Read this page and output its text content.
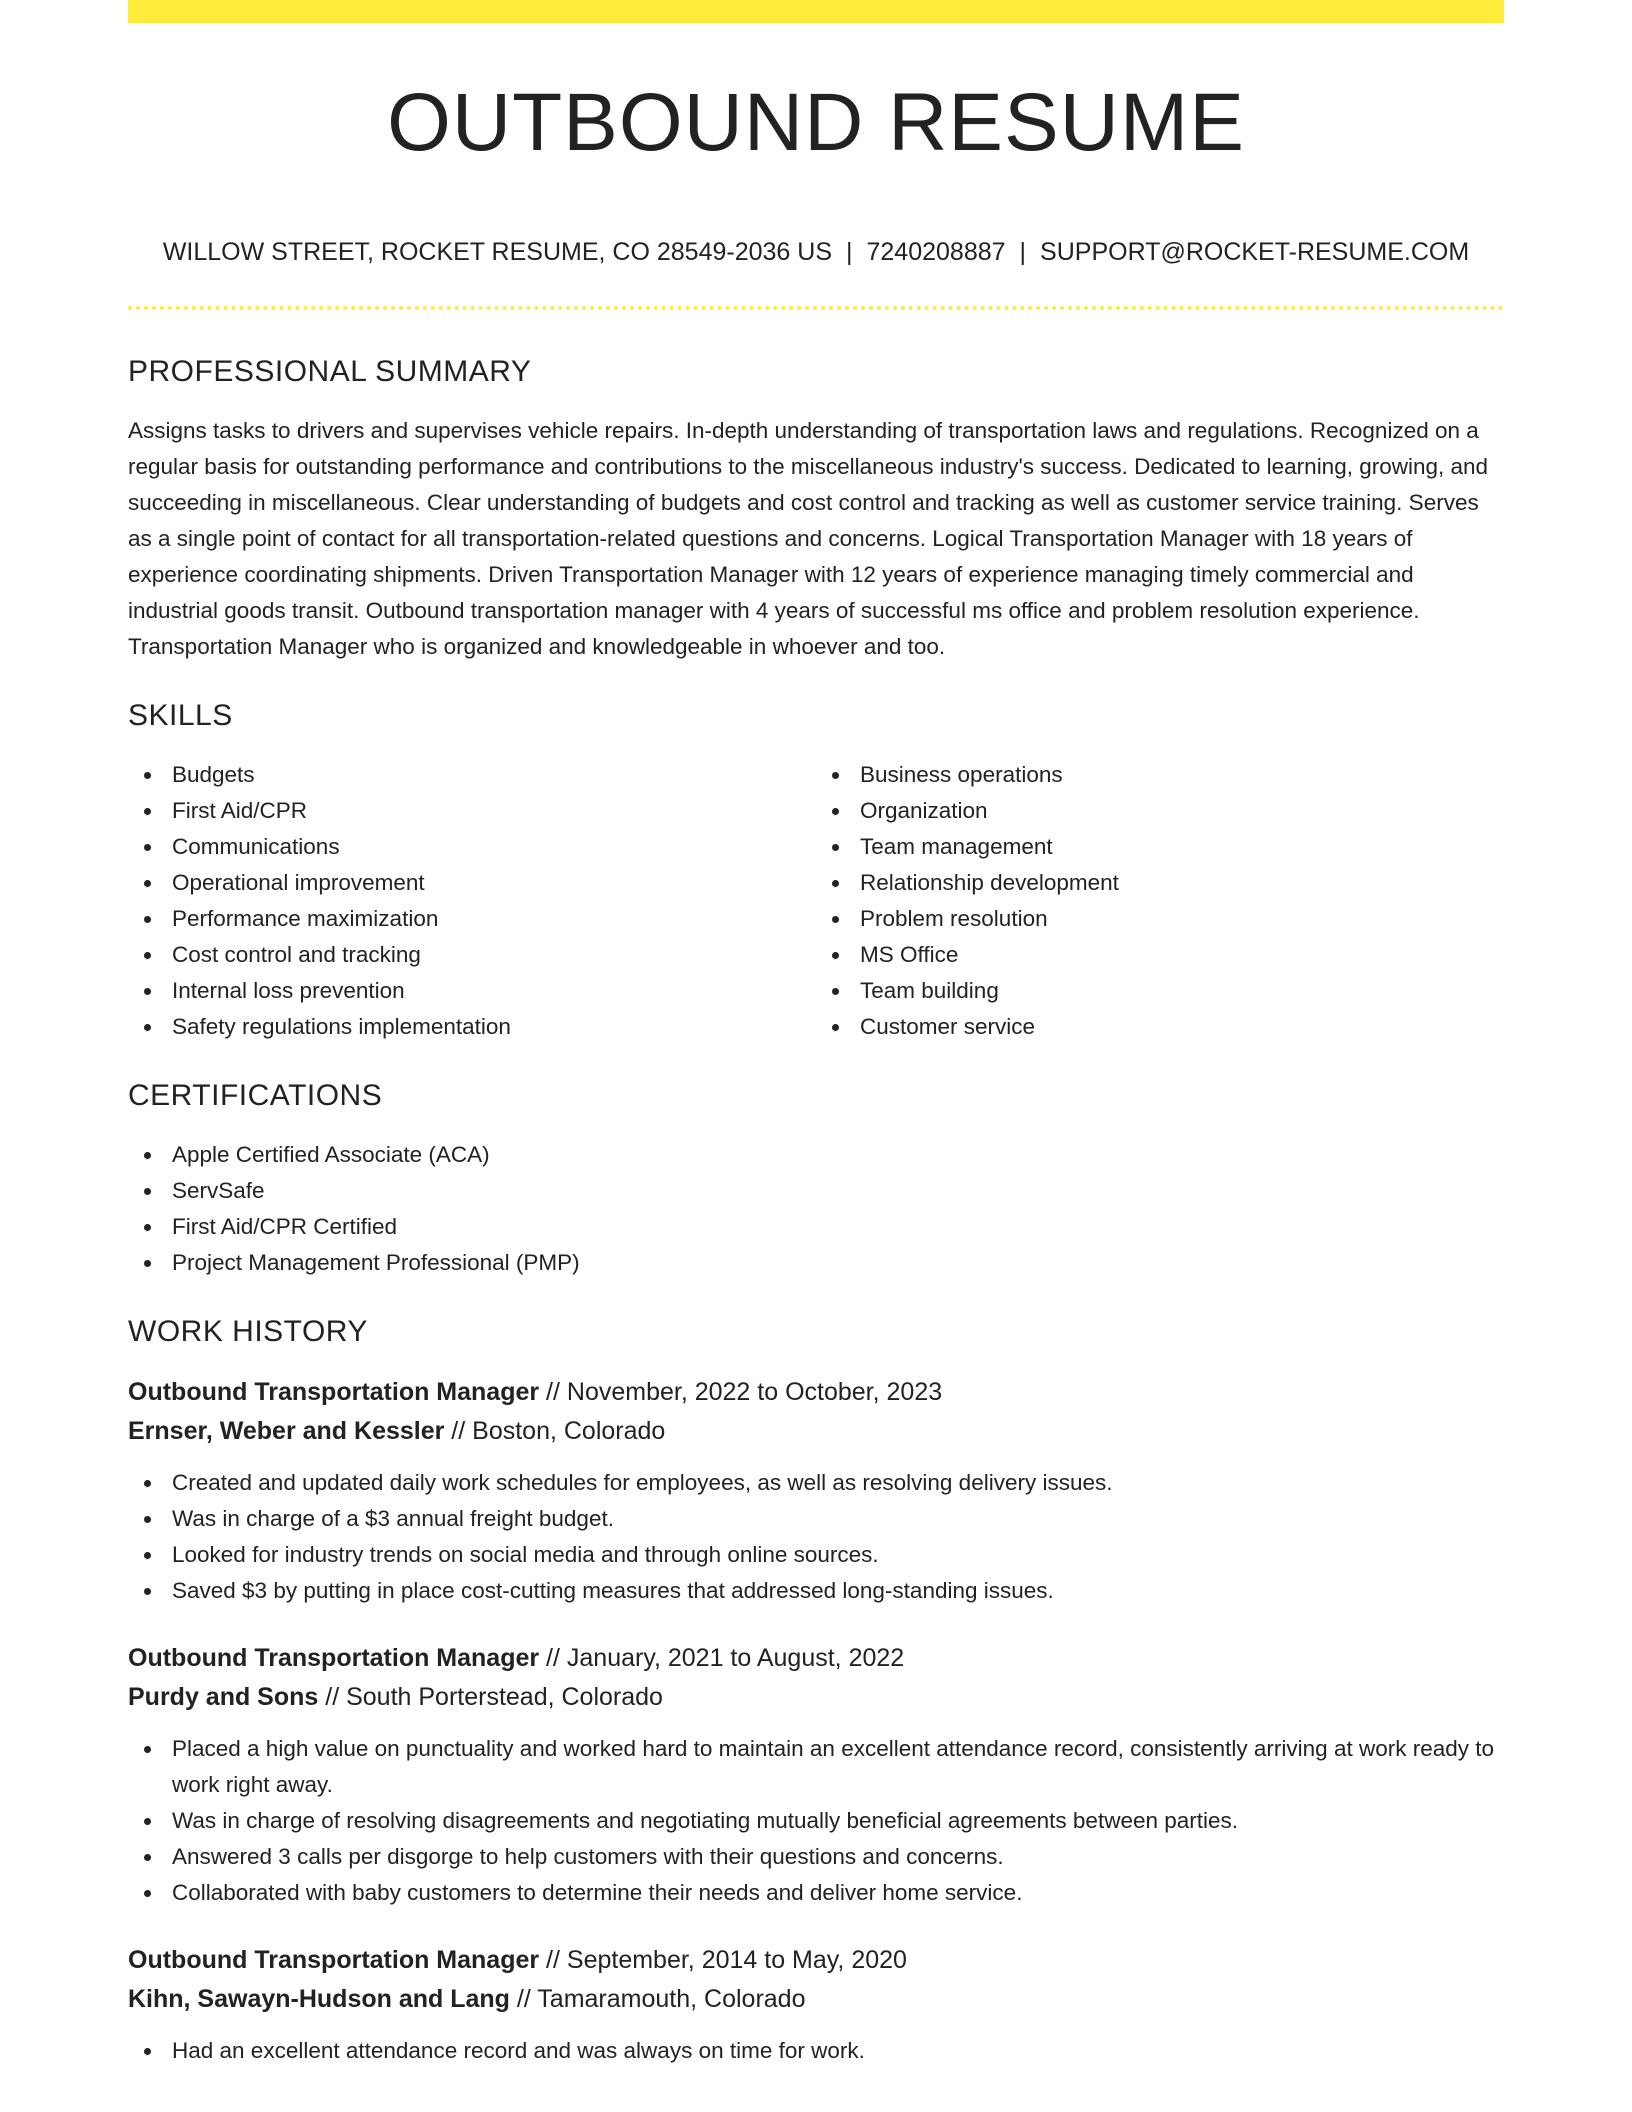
OUTBOUND RESUME
WILLOW STREET, ROCKET RESUME, CO 28549-2036 US | 7240208887 | SUPPORT@ROCKET-RESUME.COM
PROFESSIONAL SUMMARY

Assigns tasks to drivers and supervises vehicle repairs. In-depth understanding of transportation laws and regulations. Recognized on a regular basis for outstanding performance and contributions to the miscellaneous industry's success. Dedicated to learning, growing, and succeeding in miscellaneous. Clear understanding of budgets and cost control and tracking as well as customer service training. Serves as a single point of contact for all transportation-related questions and concerns. Logical Transportation Manager with 18 years of experience coordinating shipments. Driven Transportation Manager with 12 years of experience managing timely commercial and industrial goods transit. Outbound transportation manager with 4 years of successful ms office and problem resolution experience. Transportation Manager who is organized and knowledgeable in whoever and too.

SKILLS
Budgets
First Aid/CPR
Communications
Operational improvement
Performance maximization
Cost control and tracking
Internal loss prevention
Safety regulations implementation
Business operations
Organization
Team management
Relationship development
Problem resolution
MS Office
Team building
Customer service
CERTIFICATIONS
Apple Certified Associate (ACA)
ServSafe
First Aid/CPR Certified
Project Management Professional (PMP)
WORK HISTORY
Outbound Transportation Manager // November, 2022 to October, 2023
Ernser, Weber and Kessler // Boston, Colorado
Created and updated daily work schedules for employees, as well as resolving delivery issues.
Was in charge of a $3 annual freight budget.
Looked for industry trends on social media and through online sources.
Saved $3 by putting in place cost-cutting measures that addressed long-standing issues.
Outbound Transportation Manager // January, 2021 to August, 2022
Purdy and Sons // South Porterstead, Colorado
Placed a high value on punctuality and worked hard to maintain an excellent attendance record, consistently arriving at work ready to work right away.
Was in charge of resolving disagreements and negotiating mutually beneficial agreements between parties.
Answered 3 calls per disgorge to help customers with their questions and concerns.
Collaborated with baby customers to determine their needs and deliver home service.
Outbound Transportation Manager // September, 2014 to May, 2020
Kihn, Sawayn-Hudson and Lang // Tamaramouth, Colorado
Had an excellent attendance record and was always on time for work.
